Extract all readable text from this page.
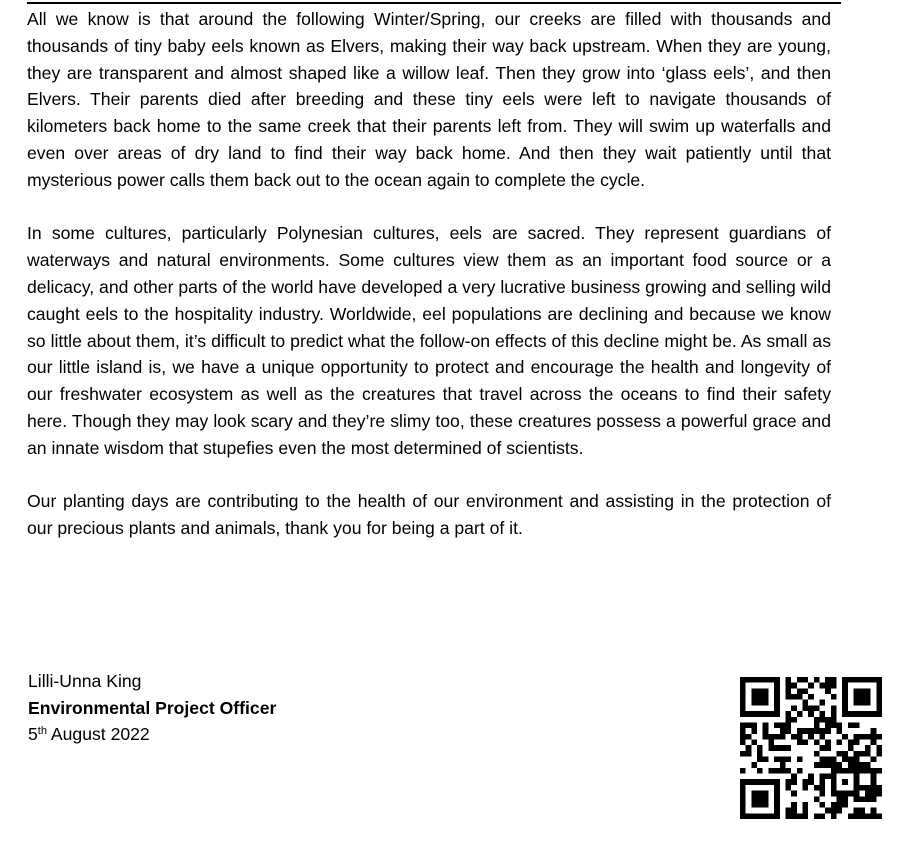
All we know is that around the following Winter/Spring, our creeks are filled with thousands and thousands of tiny baby eels known as Elvers, making their way back upstream. When they are young, they are transparent and almost shaped like a willow leaf. Then they grow into ‘glass eels’, and then Elvers. Their parents died after breeding and these tiny eels were left to navigate thousands of kilometers back home to the same creek that their parents left from. They will swim up waterfalls and even over areas of dry land to find their way back home. And then they wait patiently until that mysterious power calls them back out to the ocean again to complete the cycle.

In some cultures, particularly Polynesian cultures, eels are sacred. They represent guardians of waterways and natural environments. Some cultures view them as an important food source or a delicacy, and other parts of the world have developed a very lucrative business growing and selling wild caught eels to the hospitality industry. Worldwide, eel populations are declining and because we know so little about them, it’s difficult to predict what the follow-on effects of this decline might be. As small as our little island is, we have a unique opportunity to protect and encourage the health and longevity of our freshwater ecosystem as well as the creatures that travel across the oceans to find their safety here. Though they may look scary and they’re slimy too, these creatures possess a powerful grace and an innate wisdom that stupefies even the most determined of scientists.

Our planting days are contributing to the health of our environment and assisting in the protection of our precious plants and animals, thank you for being a part of it.

Lilli-Unna King
Environmental Project Officer
5th August 2022
